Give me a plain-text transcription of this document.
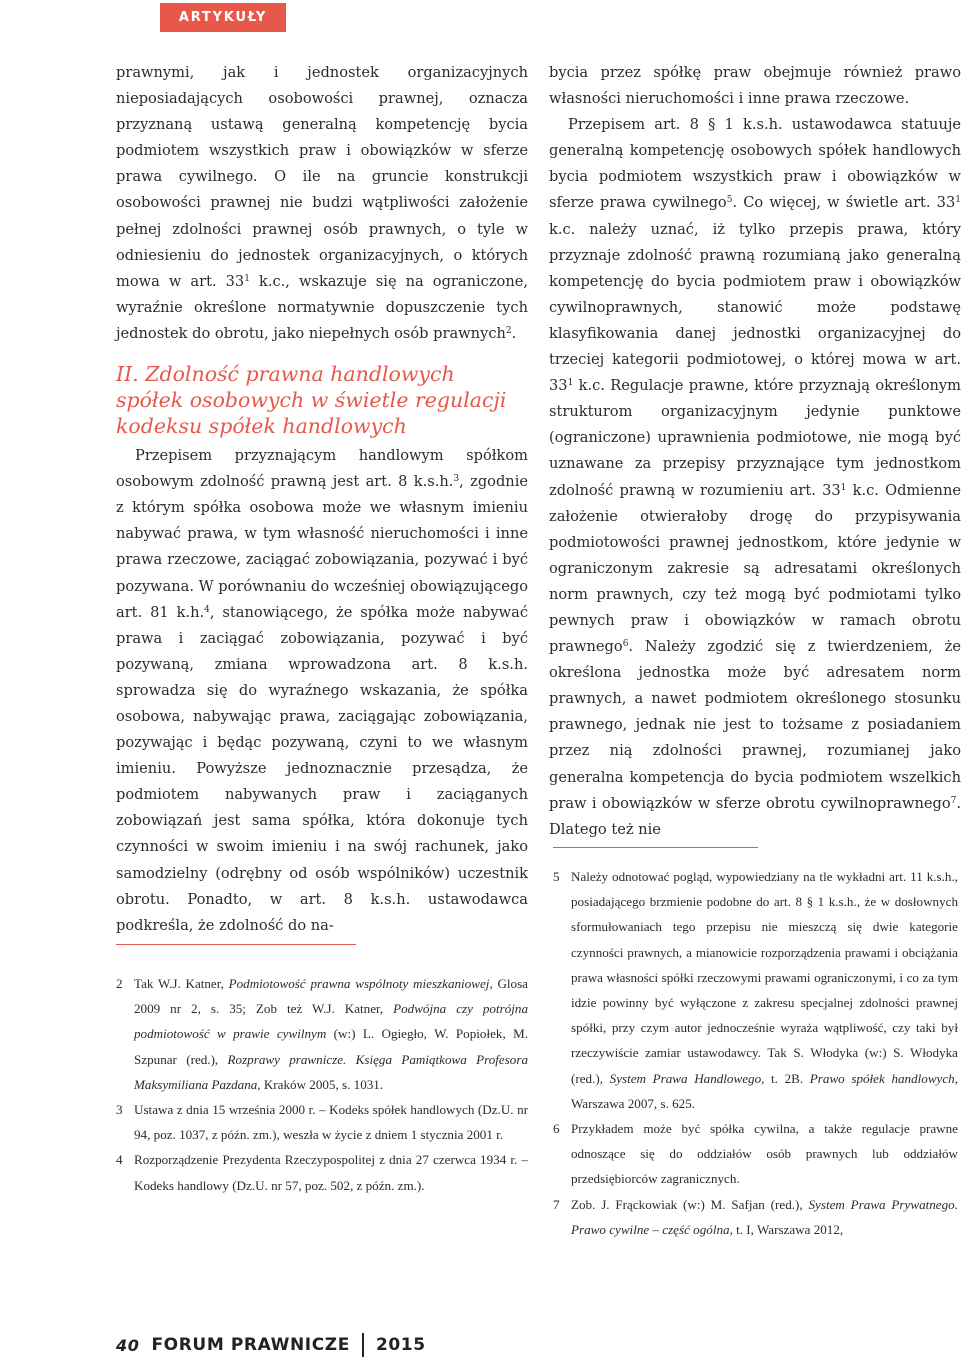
ARTYKUŁY

prawnymi, jak i jednostek organizacyjnych nieposiadających osobowości prawnej, oznacza przyznaną ustawą generalną kompetencję bycia podmiotem wszystkich praw i obowiązków w sferze prawa cywilnego. O ile na gruncie konstrukcji osobowości prawnej nie budzi wątpliwości założenie pełnej zdolności prawnej osób prawnych, o tyle w odniesieniu do jednostek organizacyjnych, o których mowa w art. $33^1$ k.c., wskazuje się na ograniczone, wyraźnie określone normatywnie dopuszczenie tych jednostek do obrotu, jako niepełnych osób prawnych$^2$.

II. Zdolność prawna handlowych spółek osobowych w świetle regulacji kodeksu spółek handlowych

Przepisem przyznającym handlowym spółkom osobowym zdolność prawną jest art. 8 k.s.h.$^3$, zgodnie z którym spółka osobowa może we własnym imieniu nabywać prawa, w tym własność nieruchomości i inne prawa rzeczowe, zaciągać zobowiązania, pozywać i być pozywana. W porównaniu do wcześniej obowiązującego art. 81 k.h.$^4$, stanowiącego, że spółka może nabywać prawa i zaciągać zobowiązania, pozywać i być pozywaną, zmiana wprowadzona art. 8 k.s.h. sprowadza się do wyraźnego wskazania, że spółka osobowa, nabywając prawa, zaciągając zobowiązania, pozywając i będąc pozywaną, czyni to we własnym imieniu. Powyższe jednoznacznie przesądza, że podmiotem nabywanych praw i zaciąganych zobowiązań jest sama spółka, która dokonuje tych czynności w swoim imieniu i na swój rachunek, jako samodzielny (odrębny od osób wspólników) uczestnik obrotu. Ponadto, w art. 8 k.s.h. ustawodawca podkreśla, że zdolność do na-

2 Tak W.J. Katner, Podmiotowość prawna wspólnoty mieszkaniowej, Glosa 2009 nr 2, s. 35; Zob też W.J. Katner, Podwójna czy potrójna podmiotowość w prawie cywilnym (w:) L. Ogiegło, W. Popiołek, M. Szpunar (red.), Rozprawy prawnicze. Księga Pamiątkowa Profesora Maksymiliana Pazdana, Kraków 2005, s. 1031.
3 Ustawa z dnia 15 września 2000 r. – Kodeks spółek handlowych (Dz.U. nr 94, poz. 1037, z późn. zm.), weszła w życie z dniem 1 stycznia 2001 r.
4 Rozporządzenie Prezydenta Rzeczypospolitej z dnia 27 czerwca 1934 r. – Kodeks handlowy (Dz.U. nr 57, poz. 502, z późn. zm.).

bycia przez spółkę praw obejmuje również prawo własności nieruchomości i inne prawa rzeczowe.

Przepisem art. 8 § 1 k.s.h. ustawodawca statuuje generalną kompetencję osobowych spółek handlowych bycia podmiotem wszystkich praw i obowiązków w sferze prawa cywilnego$^5$. Co więcej, w świetle art. $33^1$ k.c. należy uznać, iż tylko przepis prawa, który przyznaje zdolność prawną rozumianą jako generalną kompetencję do bycia podmiotem praw i obowiązków cywilnoprawnych, stanowić może podstawę klasyfikowania danej jednostki organizacyjnej do trzeciej kategorii podmiotowej, o której mowa w art. $33^1$ k.c. Regulacje prawne, które przyznają określonym strukturom organizacyjnym jedynie punktowe (ograniczone) uprawnienia podmiotowe, nie mogą być uznawane za przepisy przyznające tym jednostkom zdolność prawną w rozumieniu art. $33^1$ k.c. Odmienne założenie otwierałoby drogę do przypisywania podmiotowości prawnej jednostkom, które jedynie w ograniczonym zakresie są adresatami określonych norm prawnych, czy też mogą być podmiotami tylko pewnych praw i obowiązków w ramach obrotu prawnego$^6$. Należy zgodzić się z twierdzeniem, że określona jednostka może być adresatem norm prawnych, a nawet podmiotem określonego stosunku prawnego, jednak nie jest to tożsame z posiadaniem przez nią zdolności prawnej, rozumianej jako generalna kompetencja do bycia podmiotem wszelkich praw i obowiązków w sferze obrotu cywilnoprawnego$^7$. Dlatego też nie

5 Należy odnotować pogląd, wypowiedziany na tle wykładni art. 11 k.s.h., posiadającego brzmienie podobne do art. 8 § 1 k.s.h., że w dosłownych sformułowaniach tego przepisu nie mieszczą się dwie kategorie czynności prawnych, a mianowicie rozporządzenia prawami i obciążania prawa własności spółki rzeczowymi prawami ograniczonymi, i co za tym idzie powinny być wyłączone z zakresu specjalnej zdolności prawnej spółki, przy czym autor jednocześnie wyraża wątpliwość, czy taki był rzeczywiście zamiar ustawodawcy. Tak S. Włodyka (w:) S. Włodyka (red.), System Prawa Handlowego, t. 2B. Prawo spółek handlowych, Warszawa 2007, s. 625.
6 Przykładem może być spółka cywilna, a także regulacje prawne odnoszące się do oddziałów osób prawnych lub oddziałów przedsiębiorców zagranicznych.
7 Zob. J. Frąckowiak (w:) M. Safjan (red.), System Prawa Prywatnego. Prawo cywilne – część ogólna, t. I, Warszawa 2012,
40 FORUM PRAWNICZE 2015
